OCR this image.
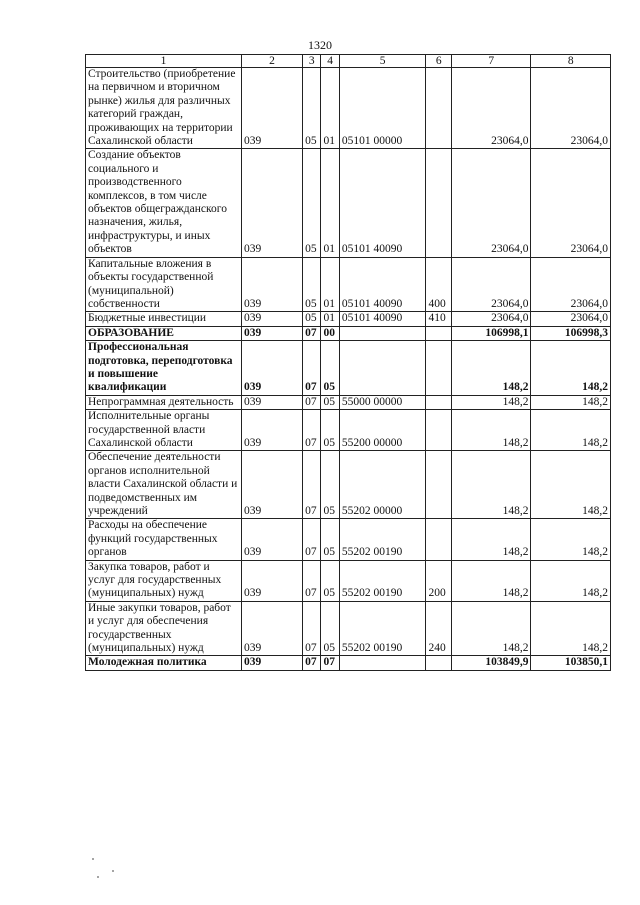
1320
1	2	3	4	5	6	7	8
Строительство (приобретение на первичном и вторичном рынке) жилья для различных категорий граждан, проживающих на территории Сахалинской области	039	05	01	05101 00000		23064,0	23064,0
Создание объектов социального и производственного комплексов, в том числе объектов общегражданского назначения, жилья, инфраструктуры, и иных объектов	039	05	01	05101 40090		23064,0	23064,0
Капитальные вложения в объекты государственной (муниципальной) собственности	039	05	01	05101 40090	400	23064,0	23064,0
Бюджетные инвестиции	039	05	01	05101 40090	410	23064,0	23064,0
ОБРАЗОВАНИЕ	039	07	00			106998,1	106998,3
Профессиональная подготовка, переподготовка и повышение квалификации	039	07	05			148,2	148,2
Непрограммная деятельность	039	07	05	55000 00000		148,2	148,2
Исполнительные органы государственной власти Сахалинской области	039	07	05	55200 00000		148,2	148,2
Обеспечение деятельности органов исполнительной власти Сахалинской области и подведомственных им учреждений	039	07	05	55202 00000		148,2	148,2
Расходы на обеспечение функций государственных органов	039	07	05	55202 00190		148,2	148,2
Закупка товаров, работ и услуг для государственных (муниципальных) нужд	039	07	05	55202 00190	200	148,2	148,2
Иные закупки товаров, работ и услуг для обеспечения государственных (муниципальных) нужд	039	07	05	55202 00190	240	148,2	148,2
Молодежная политика	039	07	07			103849,9	103850,1
